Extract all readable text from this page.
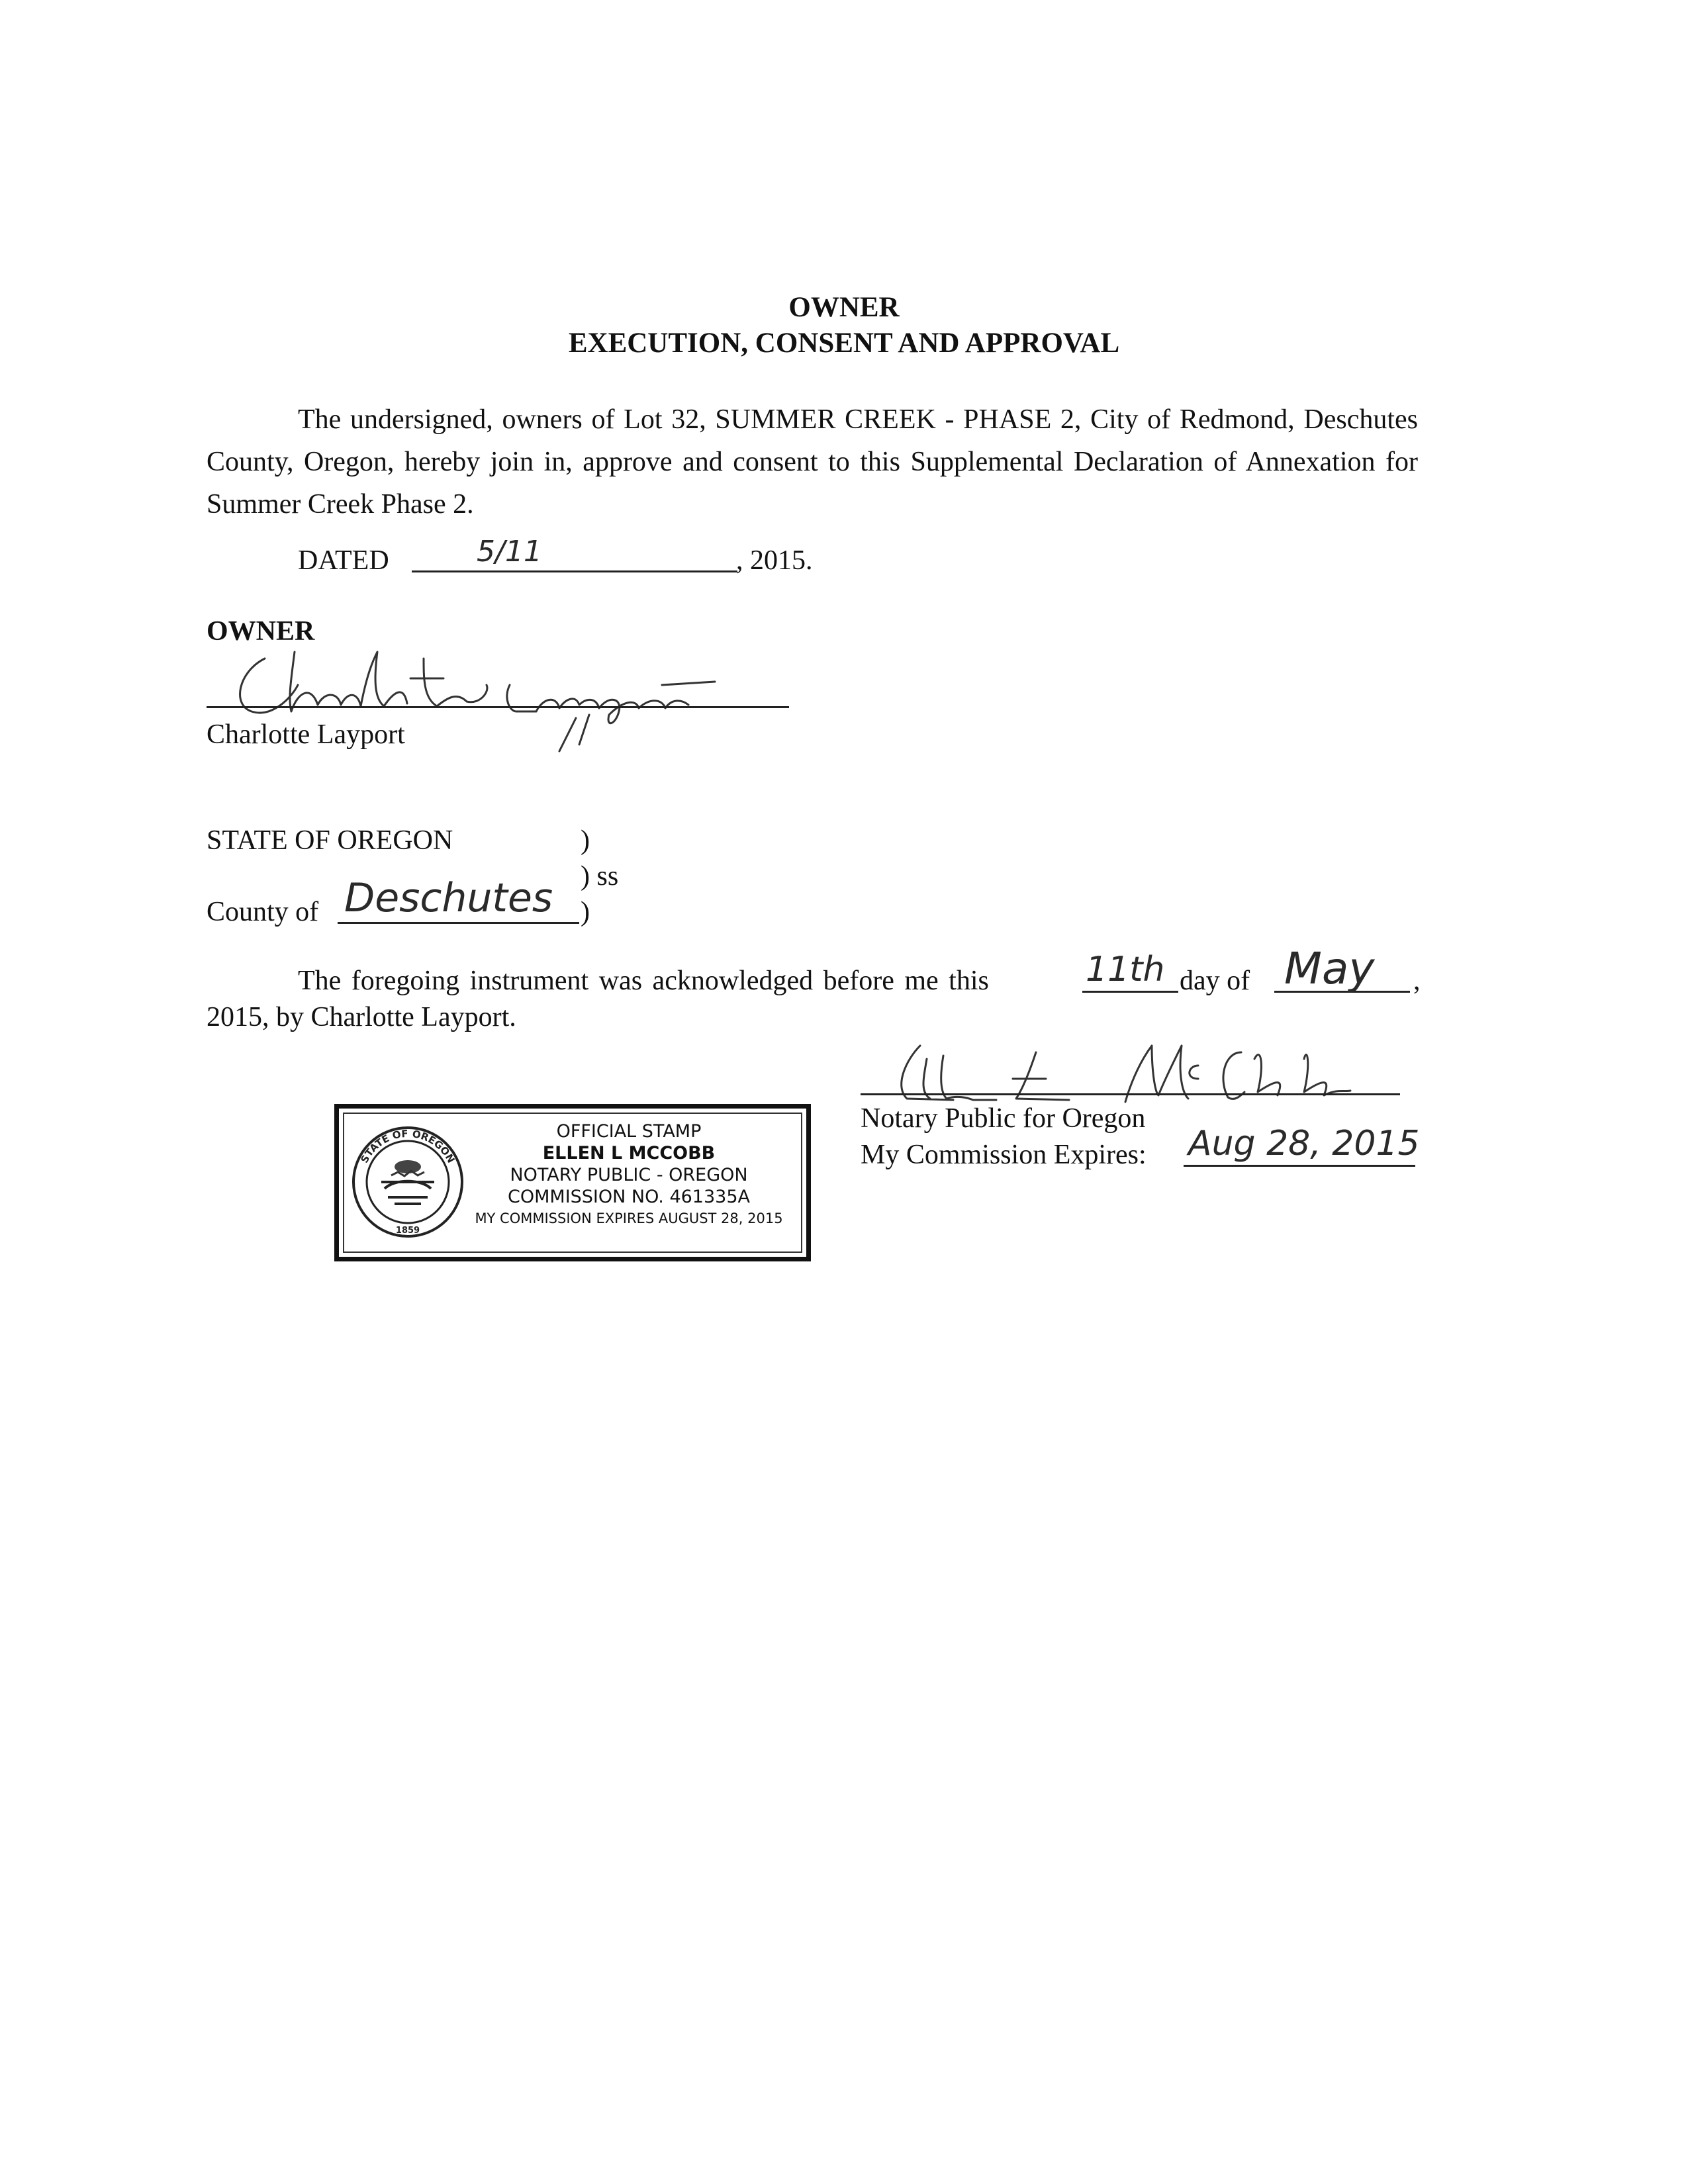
OWNER
EXECUTION, CONSENT AND APPROVAL
The undersigned, owners of Lot 32, SUMMER CREEK - PHASE 2, City of Redmond, Deschutes County, Oregon, hereby join in, approve and consent to this Supplemental Declaration of Annexation for Summer Creek Phase 2.
DATED	5/11	, 2015.
OWNER
Charlotte Layport
STATE OF OREGON	)
) ss
County of Deschutes )
The foregoing instrument was acknowledged before me this	11th day of May ,
2015, by Charlotte Layport.
Notary Public for Oregon
My Commission Expires: Aug 28, 2015
STATE OF OREGON
1859
OFFICIAL STAMP
ELLEN L MCCOBB
NOTARY PUBLIC - OREGON
COMMISSION NO. 461335A
MY COMMISSION EXPIRES AUGUST 28, 2015
